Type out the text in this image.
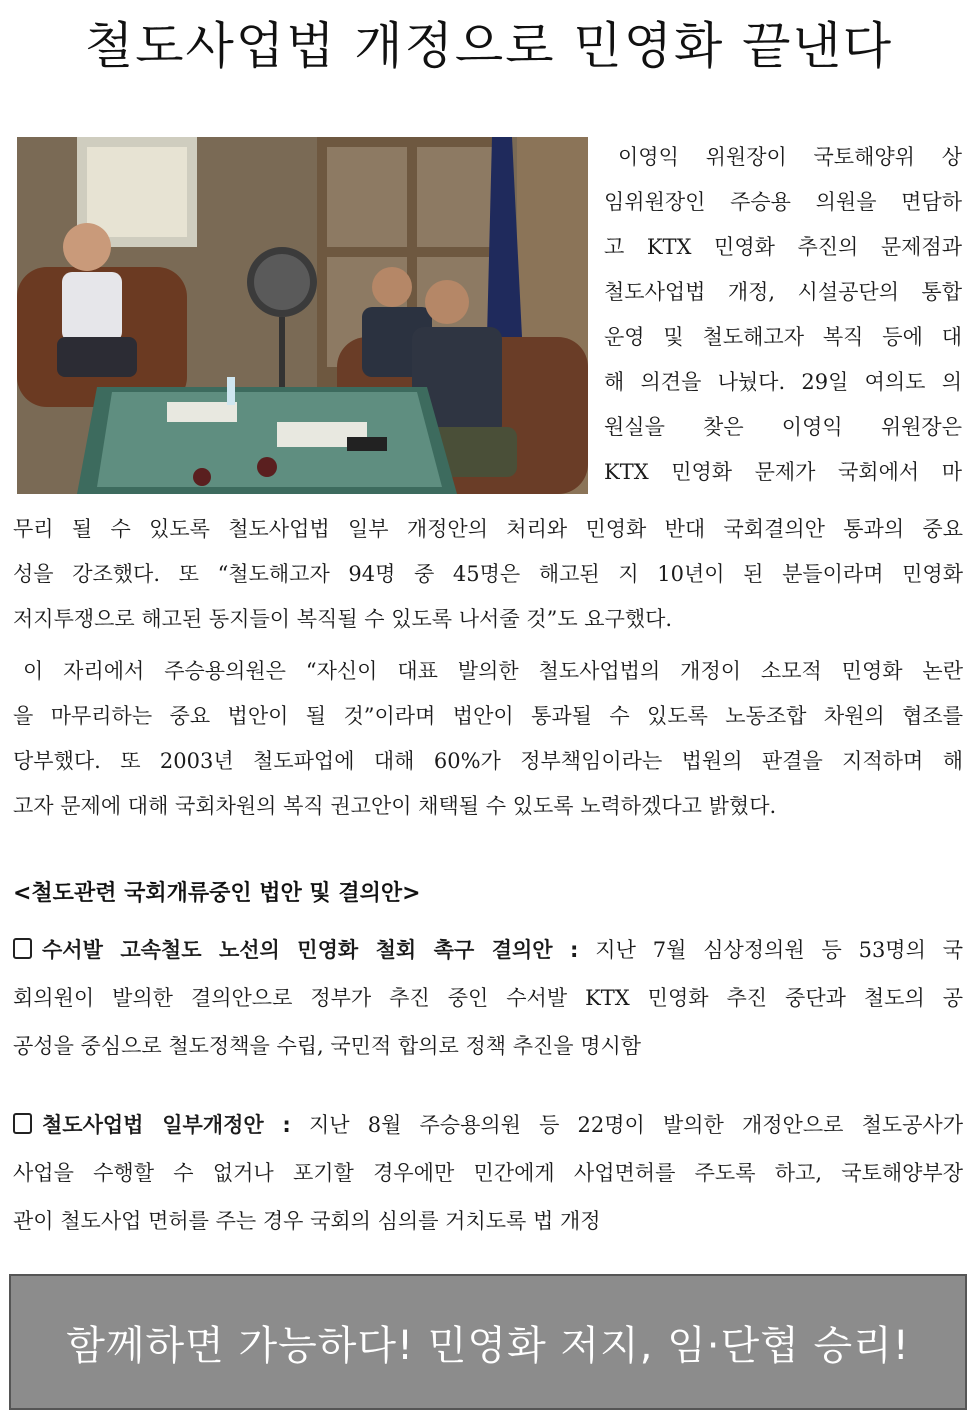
철도사업법 개정으로 민영화 끝낸다
이영익 위원장이 국토해양위 상
임위원장인 주승용 의원을 면담하
고 KTX 민영화 추진의 문제점과
철도사업법 개정, 시설공단의 통합
운영 및 철도해고자 복직 등에 대
해 의견을 나눴다. 29일 여의도 의
원실을 찾은 이영익 위원장은
KTX 민영화 문제가 국회에서 마
무리 될 수 있도록 철도사업법 일부 개정안의 처리와 민영화 반대 국회결의안 통과의 중요
성을 강조했다. 또 “철도해고자 94명 중 45명은 해고된 지 10년이 된 분들이라며 민영화
저지투쟁으로 해고된 동지들이 복직될 수 있도록 나서줄 것”도 요구했다.
이 자리에서 주승용의원은 “자신이 대표 발의한 철도사업법의 개정이 소모적 민영화 논란
을 마무리하는 중요 법안이 될 것”이라며 법안이 통과될 수 있도록 노동조합 차원의 협조를
당부했다. 또 2003년 철도파업에 대해 60%가 정부책임이라는 법원의 판결을 지적하며 해
고자 문제에 대해 국회차원의 복직 권고안이 채택될 수 있도록 노력하겠다고 밝혔다.
<철도관련 국회개류중인 법안 및 결의안>
수서발 고속철도 노선의 민영화 철회 촉구 결의안 : 지난 7월 심상정의원 등 53명의 국
회의원이 발의한 결의안으로 정부가 추진 중인 수서발 KTX 민영화 추진 중단과 철도의 공
공성을 중심으로 철도정책을 수립, 국민적 합의로 정책 추진을 명시함
철도사업법 일부개정안 : 지난 8월 주승용의원 등 22명이 발의한 개정안으로 철도공사가
사업을 수행할 수 없거나 포기할 경우에만 민간에게 사업면허를 주도록 하고, 국토해양부장
관이 철도사업 면허를 주는 경우 국회의 심의를 거치도록 법 개정
함께하면 가능하다! 민영화 저지, 임·단협 승리!
